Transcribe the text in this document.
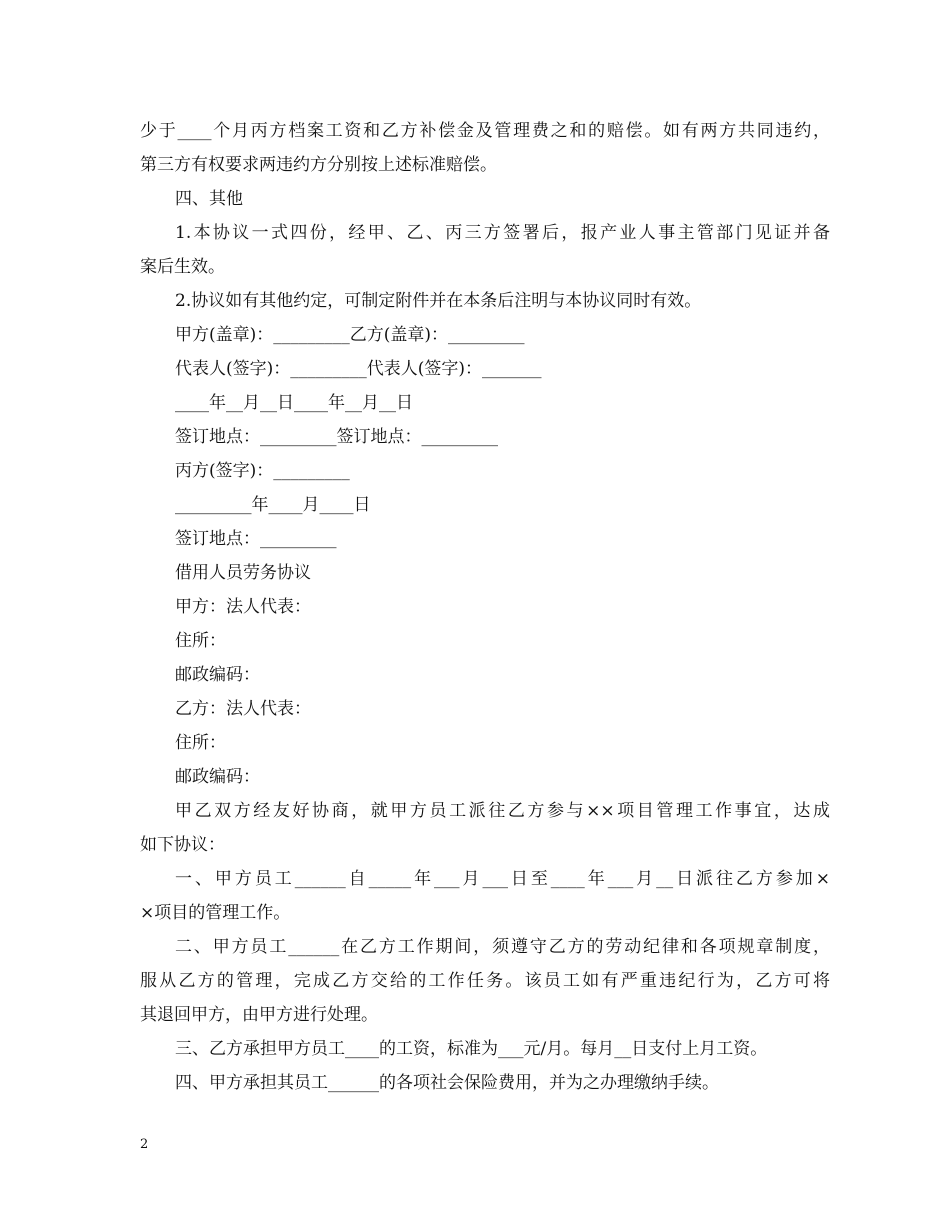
少于____个月丙方档案工资和乙方补偿金及管理费之和的赔偿。如有两方共同违约，
第三方有权要求两违约方分别按上述标准赔偿。
四、其他
1.本协议一式四份，经甲、乙、丙三方签署后，报产业人事主管部门见证并备
案后生效。
2.协议如有其他约定，可制定附件并在本条后注明与本协议同时有效。
甲方(盖章)：_________乙方(盖章)：_________
代表人(签字)：_________代表人(签字)：_______
____年__月__日____年__月__日
签订地点：_________签订地点：_________
丙方(签字)：_________
_________年____月____日
签订地点：_________
借用人员劳务协议
甲方：法人代表：
住所：
邮政编码：
乙方：法人代表：
住所：
邮政编码：
甲乙双方经友好协商，就甲方员工派往乙方参与××项目管理工作事宜，达成
如下协议：
一、甲方员工______自_____年___月___日至____年___月__日派往乙方参加×
×项目的管理工作。
二、甲方员工______在乙方工作期间，须遵守乙方的劳动纪律和各项规章制度，
服从乙方的管理，完成乙方交给的工作任务。该员工如有严重违纪行为，乙方可将
其退回甲方，由甲方进行处理。
三、乙方承担甲方员工____的工资，标准为___元/月。每月__日支付上月工资。
四、甲方承担其员工______的各项社会保险费用，并为之办理缴纳手续。
2
